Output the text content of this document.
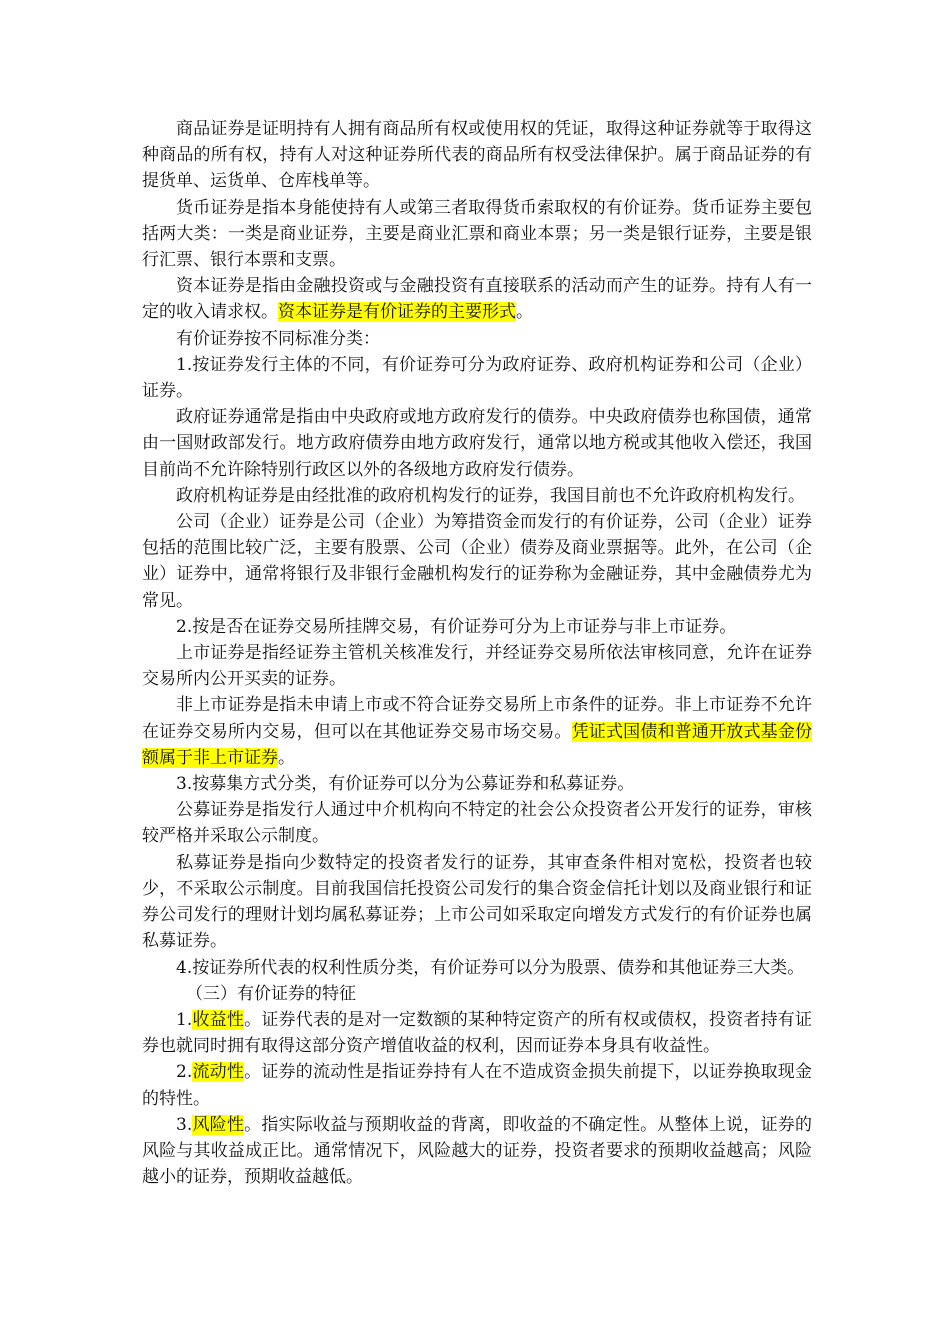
商品证券是证明持有人拥有商品所有权或使用权的凭证，取得这种证券就等于取得这种商品的所有权，持有人对这种证券所代表的商品所有权受法律保护。属于商品证券的有提货单、运货单、仓库栈单等。

货币证券是指本身能使持有人或第三者取得货币索取权的有价证券。货币证券主要包括两大类：一类是商业证券，主要是商业汇票和商业本票；另一类是银行证券，主要是银行汇票、银行本票和支票。

资本证券是指由金融投资或与金融投资有直接联系的活动而产生的证券。持有人有一定的收入请求权。资本证券是有价证券的主要形式。

有价证券按不同标准分类：

1.按证券发行主体的不同，有价证券可分为政府证券、政府机构证券和公司（企业）证券。

政府证券通常是指由中央政府或地方政府发行的债券。中央政府债券也称国债，通常由一国财政部发行。地方政府债券由地方政府发行，通常以地方税或其他收入偿还，我国目前尚不允许除特别行政区以外的各级地方政府发行债券。

政府机构证券是由经批准的政府机构发行的证券，我国目前也不允许政府机构发行。

公司（企业）证券是公司（企业）为筹措资金而发行的有价证券，公司（企业）证券包括的范围比较广泛，主要有股票、公司（企业）债券及商业票据等。此外，在公司（企业）证券中，通常将银行及非银行金融机构发行的证券称为金融证券，其中金融债券尤为常见。

2.按是否在证券交易所挂牌交易，有价证券可分为上市证券与非上市证券。

上市证券是指经证券主管机关核准发行，并经证券交易所依法审核同意，允许在证券交易所内公开买卖的证券。

非上市证券是指未申请上市或不符合证券交易所上市条件的证券。非上市证券不允许在证券交易所内交易，但可以在其他证券交易市场交易。凭证式国债和普通开放式基金份额属于非上市证券。

3.按募集方式分类，有价证券可以分为公募证券和私募证券。

公募证券是指发行人通过中介机构向不特定的社会公众投资者公开发行的证券，审核较严格并采取公示制度。

私募证券是指向少数特定的投资者发行的证券，其审查条件相对宽松，投资者也较少，不采取公示制度。目前我国信托投资公司发行的集合资金信托计划以及商业银行和证券公司发行的理财计划均属私募证券；上市公司如采取定向增发方式发行的有价证券也属私募证券。

4.按证券所代表的权利性质分类，有价证券可以分为股票、债券和其他证券三大类。

（三）有价证券的特征

1.收益性。证券代表的是对一定数额的某种特定资产的所有权或债权，投资者持有证券也就同时拥有取得这部分资产增值收益的权利，因而证券本身具有收益性。

2.流动性。证券的流动性是指证券持有人在不造成资金损失前提下，以证券换取现金的特性。

3.风险性。指实际收益与预期收益的背离，即收益的不确定性。从整体上说，证券的风险与其收益成正比。通常情况下，风险越大的证券，投资者要求的预期收益越高；风险越小的证券，预期收益越低。
